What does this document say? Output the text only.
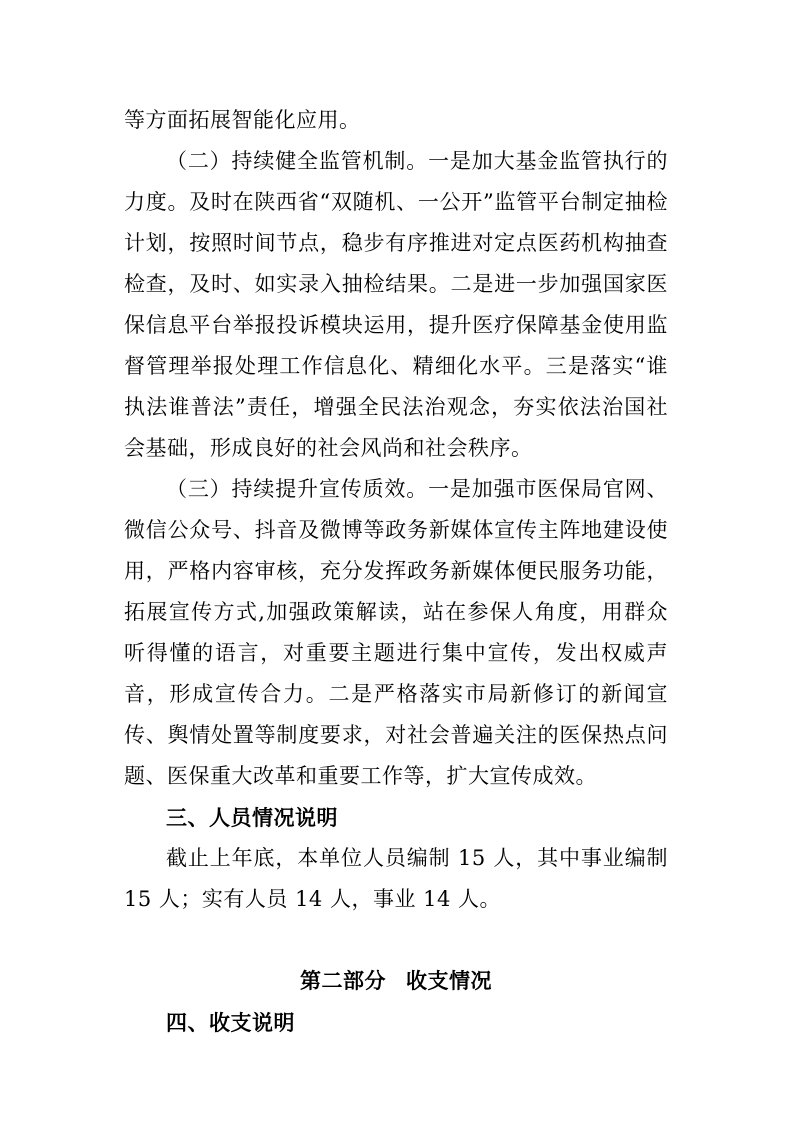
等方面拓展智能化应用。

（二）持续健全监管机制。一是加大基金监管执行的力度。及时在陕西省“双随机、一公开”监管平台制定抽检计划，按照时间节点，稳步有序推进对定点医药机构抽查检查，及时、如实录入抽检结果。二是进一步加强国家医保信息平台举报投诉模块运用，提升医疗保障基金使用监督管理举报处理工作信息化、精细化水平。三是落实“谁执法谁普法”责任，增强全民法治观念，夯实依法治国社会基础，形成良好的社会风尚和社会秩序。

（三）持续提升宣传质效。一是加强市医保局官网、微信公众号、抖音及微博等政务新媒体宣传主阵地建设使用，严格内容审核，充分发挥政务新媒体便民服务功能，拓展宣传方式,加强政策解读，站在参保人角度，用群众听得懂的语言，对重要主题进行集中宣传，发出权威声音，形成宣传合力。二是严格落实市局新修订的新闻宣传、舆情处置等制度要求，对社会普遍关注的医保热点问题、医保重大改革和重要工作等，扩大宣传成效。

三、人员情况说明

截止上年底，本单位人员编制 15 人，其中事业编制 15 人；实有人员 14 人，事业 14 人。

第二部分 收支情况

四、收支说明
